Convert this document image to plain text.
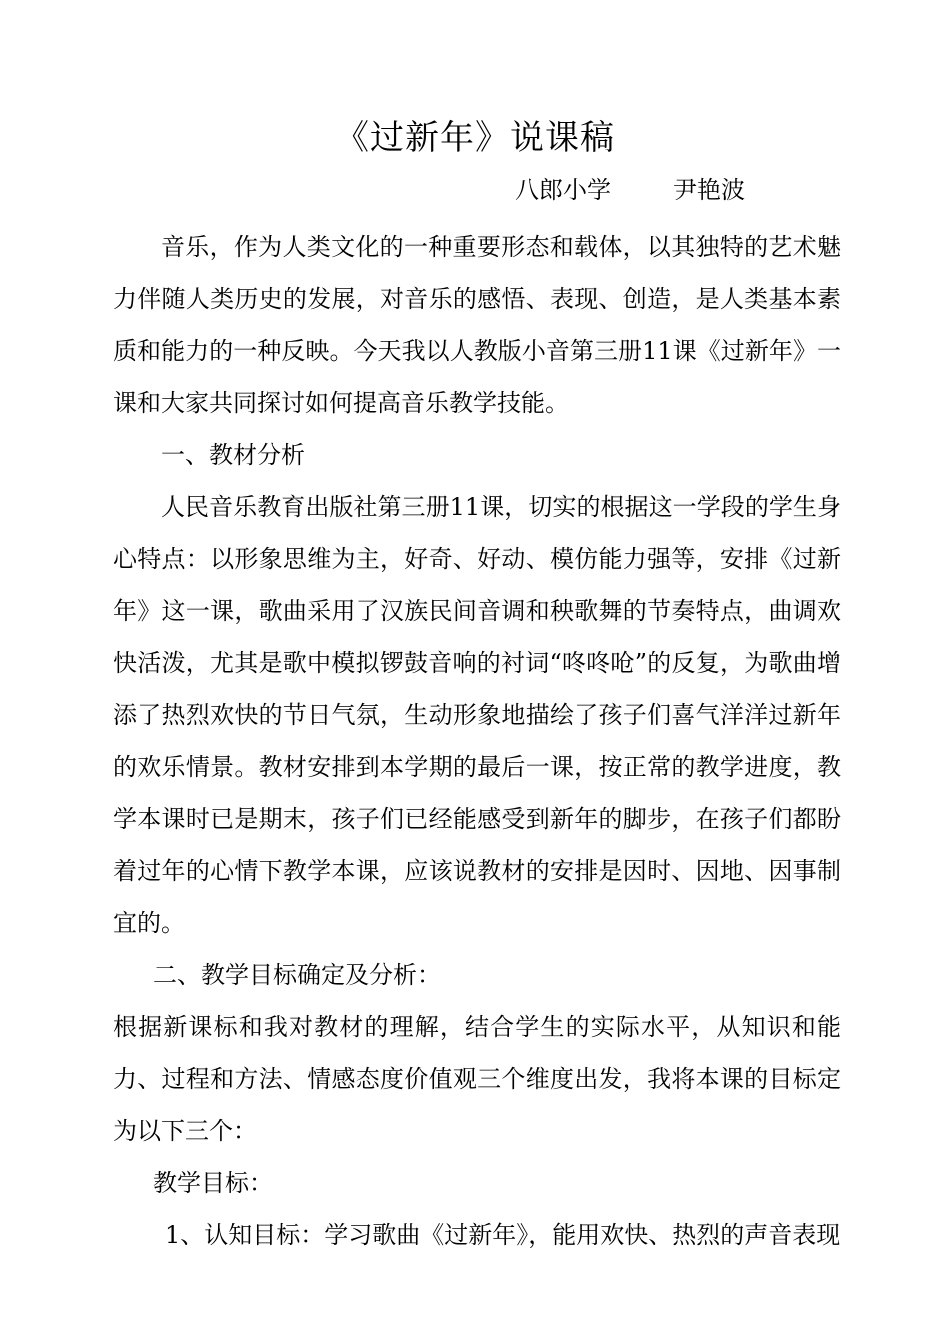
《过新年》说课稿
八郎小学	尹艳波

音乐，作为人类文化的一种重要形态和载体，以其独特的艺术魅力伴随人类历史的发展，对音乐的感悟、表现、创造，是人类基本素质和能力的一种反映。今天我以人教版小音第三册11课《过新年》一课和大家共同探讨如何提高音乐教学技能。

一、教材分析

人民音乐教育出版社第三册11课，切实的根据这一学段的学生身心特点：以形象思维为主，好奇、好动、模仿能力强等，安排《过新年》这一课，歌曲采用了汉族民间音调和秧歌舞的节奏特点，曲调欢快活泼，尤其是歌中模拟锣鼓音响的衬词“咚咚呛”的反复，为歌曲增添了热烈欢快的节日气氛，生动形象地描绘了孩子们喜气洋洋过新年的欢乐情景。教材安排到本学期的最后一课，按正常的教学进度，教学本课时已是期末，孩子们已经能感受到新年的脚步，在孩子们都盼着过年的心情下教学本课，应该说教材的安排是因时、因地、因事制宜的。

二、教学目标确定及分析：

根据新课标和我对教材的理解，结合学生的实际水平，从知识和能力、过程和方法、情感态度价值观三个维度出发，我将本课的目标定为以下三个：

教学目标：

1、认知目标：学习歌曲《过新年》，能用欢快、热烈的声音表现
